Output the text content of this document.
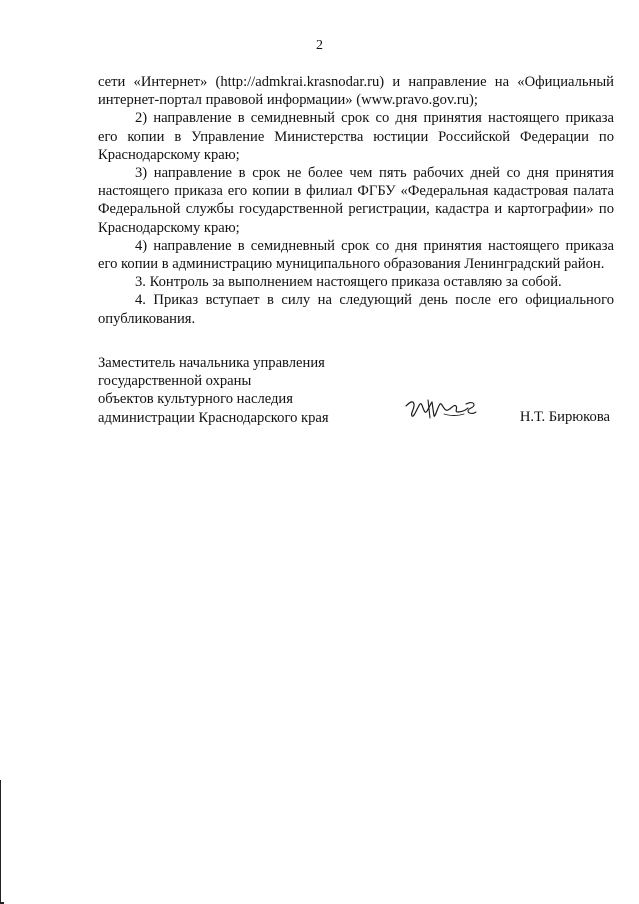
2

сети «Интернет» (http://admkrai.krasnodar.ru) и направление на «Официальный интернет-портал правовой информации» (www.pravo.gov.ru);

2) направление в семидневный срок со дня принятия настоящего приказа его копии в Управление Министерства юстиции Российской Федерации по Краснодарскому краю;

3) направление в срок не более чем пять рабочих дней со дня принятия настоящего приказа его копии в филиал ФГБУ «Федеральная кадастровая палата Федеральной службы государственной регистрации, кадастра и картографии» по Краснодарскому краю;

4) направление в семидневный срок со дня принятия настоящего приказа его копии в администрацию муниципального образования Ленинградский район.

3. Контроль за выполнением настоящего приказа оставляю за собой.

4. Приказ вступает в силу на следующий день после его официального опубликования.

Заместитель начальника управления
государственной охраны
объектов культурного наследия
администрации Краснодарского края	Н.Т. Бирюкова
